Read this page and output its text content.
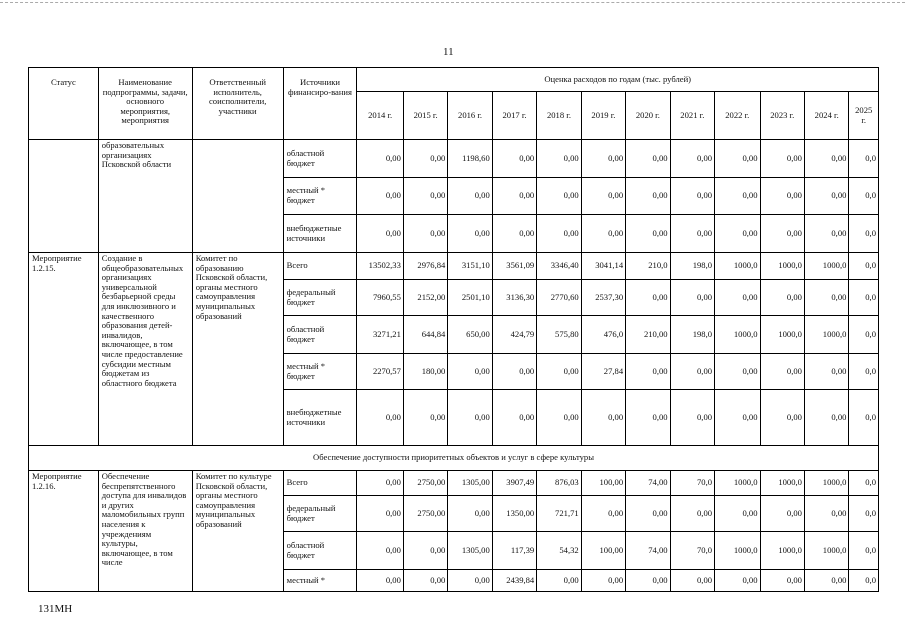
11
Статус	Наименование подпрограммы, задачи, основного мероприятия, мероприятия	Ответственный исполнитель, соисполнители, участники	Источники финансиро-вания	Оценка расходов по годам (тыс. рублей)											
				2014 г.	2015 г.	2016 г.	2017 г.	2018 г.	2019 г.	2020 г.	2021 г.	2022 г.	2023 г.	2024 г.	2025 г.
	образовательных организациях Псковской области		областной бюджет	0,00	0,00	1198,60	0,00	0,00	0,00	0,00	0,00	0,00	0,00	0,00	0,0
			местный * бюджет	0,00	0,00	0,00	0,00	0,00	0,00	0,00	0,00	0,00	0,00	0,00	0,0
			внебюджетные источники	0,00	0,00	0,00	0,00	0,00	0,00	0,00	0,00	0,00	0,00	0,00	0,0
Мероприятие 1.2.15.	Создание в общеобразовательных организациях универсальной безбарьерной среды для инклюзивного и качественного образования детей-инвалидов, включающее, в том числе предоставление субсидии местным бюджетам из областного бюджета	Комитет по образованию Псковской области, органы местного самоуправления муниципальных образований	Всего	13502,33	2976,84	3151,10	3561,09	3346,40	3041,14	210,0	198,0	1000,0	1000,0	1000,0	0,0
			федеральный бюджет	7960,55	2152,00	2501,10	3136,30	2770,60	2537,30	0,00	0,00	0,00	0,00	0,00	0,0
			областной бюджет	3271,21	644,84	650,00	424,79	575,80	476,0	210,00	198,0	1000,0	1000,0	1000,0	0,0
			местный * бюджет	2270,57	180,00	0,00	0,00	0,00	27,84	0,00	0,00	0,00	0,00	0,00	0,0
			внебюджетные источники	0,00	0,00	0,00	0,00	0,00	0,00	0,00	0,00	0,00	0,00	0,00	0,0
Обеспечение доступности приоритетных объектов и услуг в сфере культуры															
Мероприятие 1.2.16.	Обеспечение беспрепятственного доступа для инвалидов и других маломобильных групп населения к учреждениям культуры, включающее, в том числе	Комитет по культуре Псковской области, органы местного самоуправления муниципальных образований	Всего	0,00	2750,00	1305,00	3907,49	876,03	100,00	74,00	70,0	1000,0	1000,0	1000,0	0,0
			федеральный бюджет	0,00	2750,00	0,00	1350,00	721,71	0,00	0,00	0,00	0,00	0,00	0,00	0,0
			областной бюджет	0,00	0,00	1305,00	117,39	54,32	100,00	74,00	70,0	1000,0	1000,0	1000,0	0,0
			местный *	0,00	0,00	0,00	2439,84	0,00	0,00	0,00	0,00	0,00	0,00	0,00	0,0
131MH
